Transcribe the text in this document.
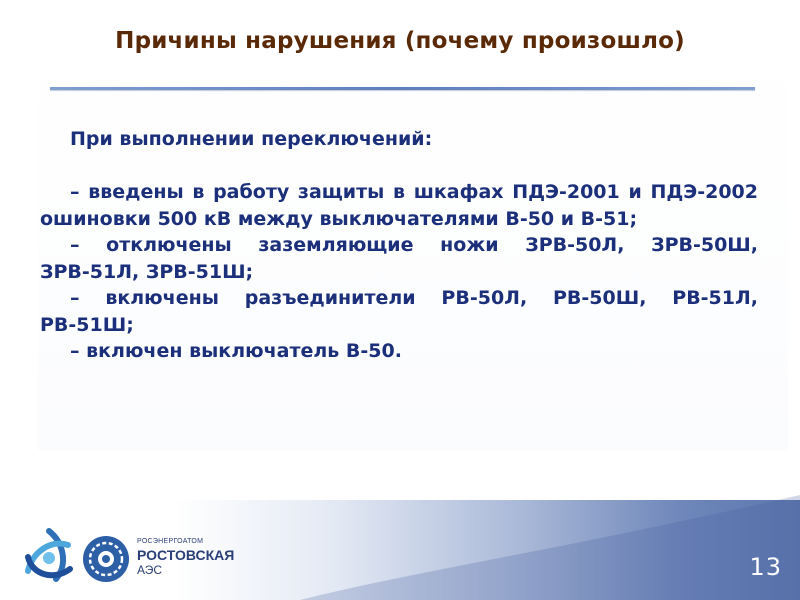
Причины нарушения (почему произошло)

При выполнении переключений:

– введены в работу защиты в шкафах ПДЭ-2001 и ПДЭ-2002 ошиновки 500 кВ между выключателями В-50 и В-51;

– отключены заземляющие ножи ЗРВ-50Л, ЗРВ-50Ш, ЗРВ-51Л, ЗРВ-51Ш;

– включены разъединители РВ-50Л, РВ-50Ш, РВ-51Л, РВ-51Ш;

– включен выключатель В-50.

РОСЭНЕРГОАТОМ
РОСТОВСКАЯ
АЭС	13
